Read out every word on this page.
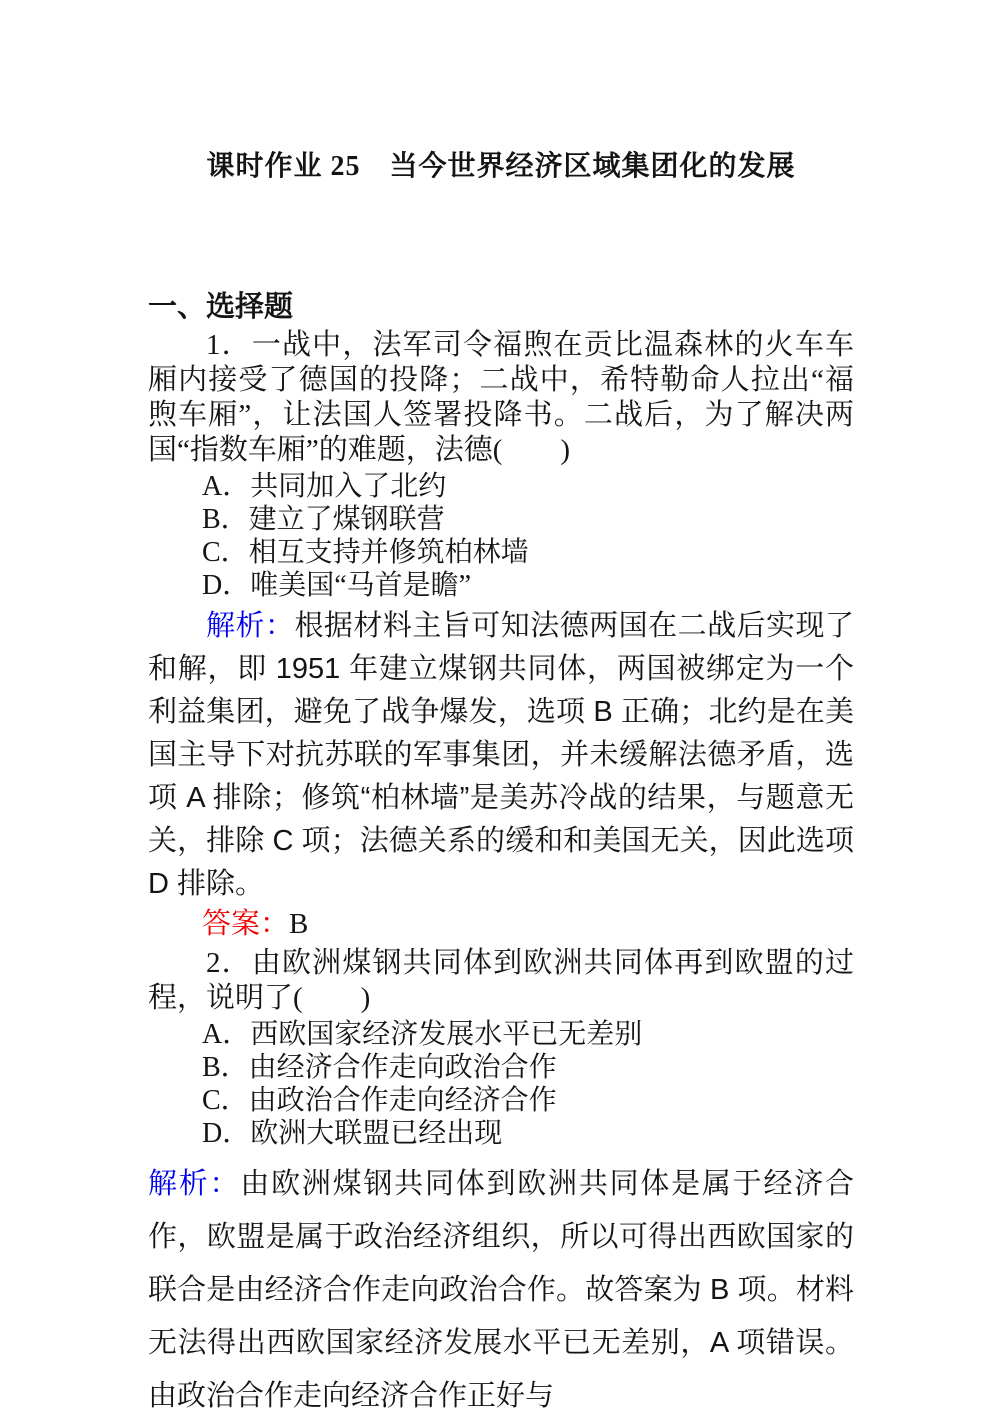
课时作业 25　当今世界经济区域集团化的发展
一、选择题

1．一战中，法军司令福煦在贡比温森林的火车车厢内接受了德国的投降；二战中，希特勒命人拉出“福煦车厢”，让法国人签署投降书。二战后，为了解决两国“指数车厢”的难题，法德(　　)

A．共同加入了北约
B．建立了煤钢联营
C．相互支持并修筑柏林墙
D．唯美国“马首是瞻”

解析：根据材料主旨可知法德两国在二战后实现了和解，即 1951 年建立煤钢共同体，两国被绑定为一个利益集团，避免了战争爆发，选项 B 正确；北约是在美国主导下对抗苏联的军事集团，并未缓解法德矛盾，选项 A 排除；修筑“柏林墙”是美苏冷战的结果，与题意无关，排除 C 项；法德关系的缓和和美国无关，因此选项 D 排除。

答案：B

2．由欧洲煤钢共同体到欧洲共同体再到欧盟的过程，说明了(　　)

A．西欧国家经济发展水平已无差别
B．由经济合作走向政治合作
C．由政治合作走向经济合作
D．欧洲大联盟已经出现

解析：由欧洲煤钢共同体到欧洲共同体是属于经济合作，欧盟是属于政治经济组织，所以可得出西欧国家的联合是由经济合作走向政治合作。故答案为 B 项。材料无法得出西欧国家经济发展水平已无差别，A 项错误。由政治合作走向经济合作正好与
